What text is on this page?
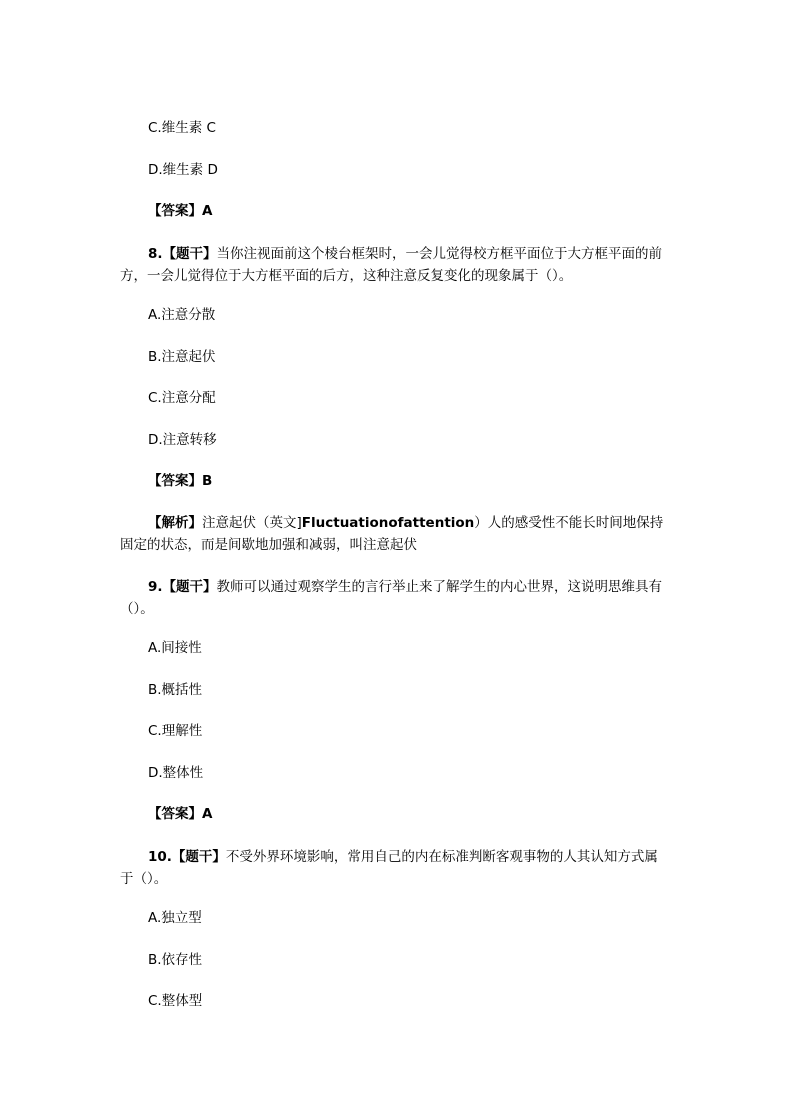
C.维生素 C
D.维生素 D
【答案】A
8.【题干】当你注视面前这个棱台框架时，一会儿觉得校方框平面位于大方框平面的前方，一会儿觉得位于大方框平面的后方，这种注意反复变化的现象属于（）。
A.注意分散
B.注意起伏
C.注意分配
D.注意转移
【答案】B
【解析】注意起伏（英文]Fluctuationofattention）人的感受性不能长时间地保持固定的状态，而是间歇地加强和减弱，叫注意起伏
9.【题干】教师可以通过观察学生的言行举止来了解学生的内心世界，这说明思维具有（）。
A.间接性
B.概括性
C.理解性
D.整体性
【答案】A
10.【题干】不受外界环境影响，常用自己的内在标准判断客观事物的人其认知方式属于（）。
A.独立型
B.依存性
C.整体型
